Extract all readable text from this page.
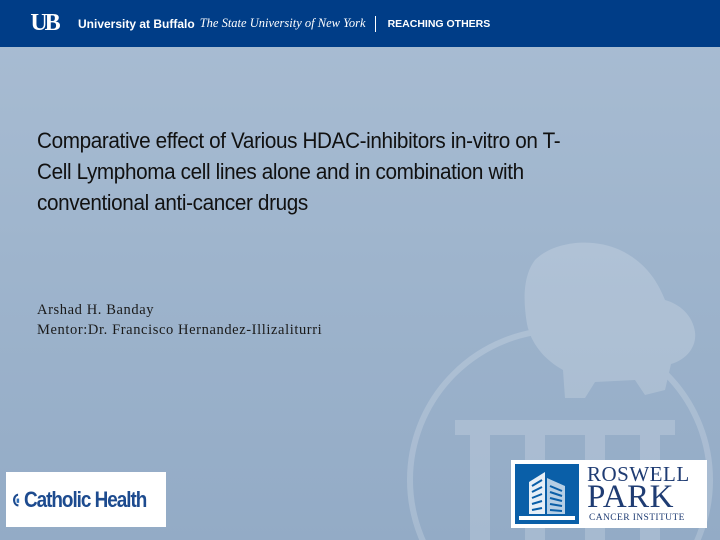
UB	University at Buffalo The State University of New York REACHING OTHERS
Comparative effect of Various HDAC-inhibitors in-vitro on T-
Cell Lymphoma cell lines alone and in combination with
conventional anti-cancer drugs
Arshad H. Banday
Mentor:Dr. Francisco Hernandez-Illizaliturri
Catholic Health
ROSWELL
PARK
CANCER INSTITUTE
